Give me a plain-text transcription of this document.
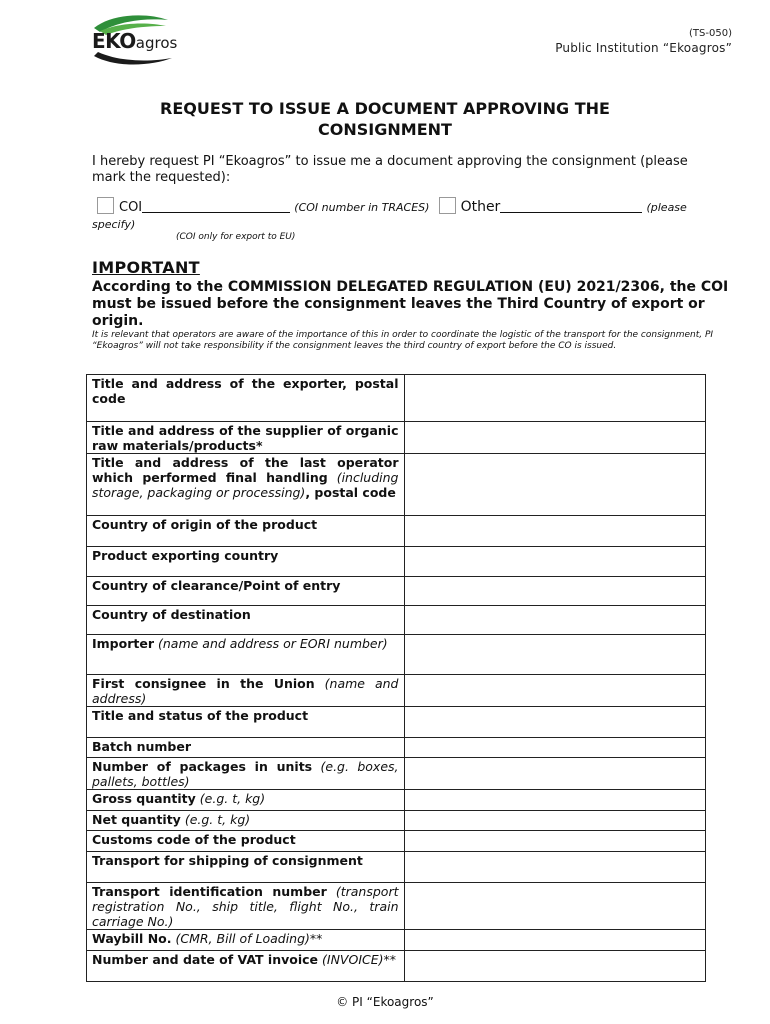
EKOagros
(TS-050)
Public Institution “Ekoagros”
REQUEST TO ISSUE A DOCUMENT APPROVING THE
CONSIGNMENT
I hereby request PI “Ekoagros” to issue me a document approving the consignment (please mark the requested):
COI	(COI number in TRACES) Other	(please
specify)
(COI only for export to EU)
IMPORTANT
According to the COMMISSION DELEGATED REGULATION (EU) 2021/2306, the COI must be issued before the consignment leaves the Third Country of export or origin.
It is relevant that operators are aware of the importance of this in order to coordinate the logistic of the transport for the consignment, PI “Ekoagros” will not take responsibility if the consignment leaves the third country of export before the CO is issued.
Title and address of the exporter, postal code	
Title and address of the supplier of organic raw materials/products*	
Title and address of the last operator which performed final handling (including storage, packaging or processing), postal code	
Country of origin of the product	
Product exporting country	
Country of clearance/Point of entry	
Country of destination	
Importer (name and address or EORI number)	
First consignee in the Union (name and address)	
Title and status of the product	
Batch number	
Number of packages in units (e.g. boxes, pallets, bottles)	
Gross quantity (e.g. t, kg)	
Net quantity (e.g. t, kg)	
Customs code of the product	
Transport for shipping of consignment	
Transport identification number (transport registration No., ship title, flight No., train carriage No.)	
Waybill No. (CMR, Bill of Loading)**	
Number and date of VAT invoice (INVOICE)**	
© PI “Ekoagros”
